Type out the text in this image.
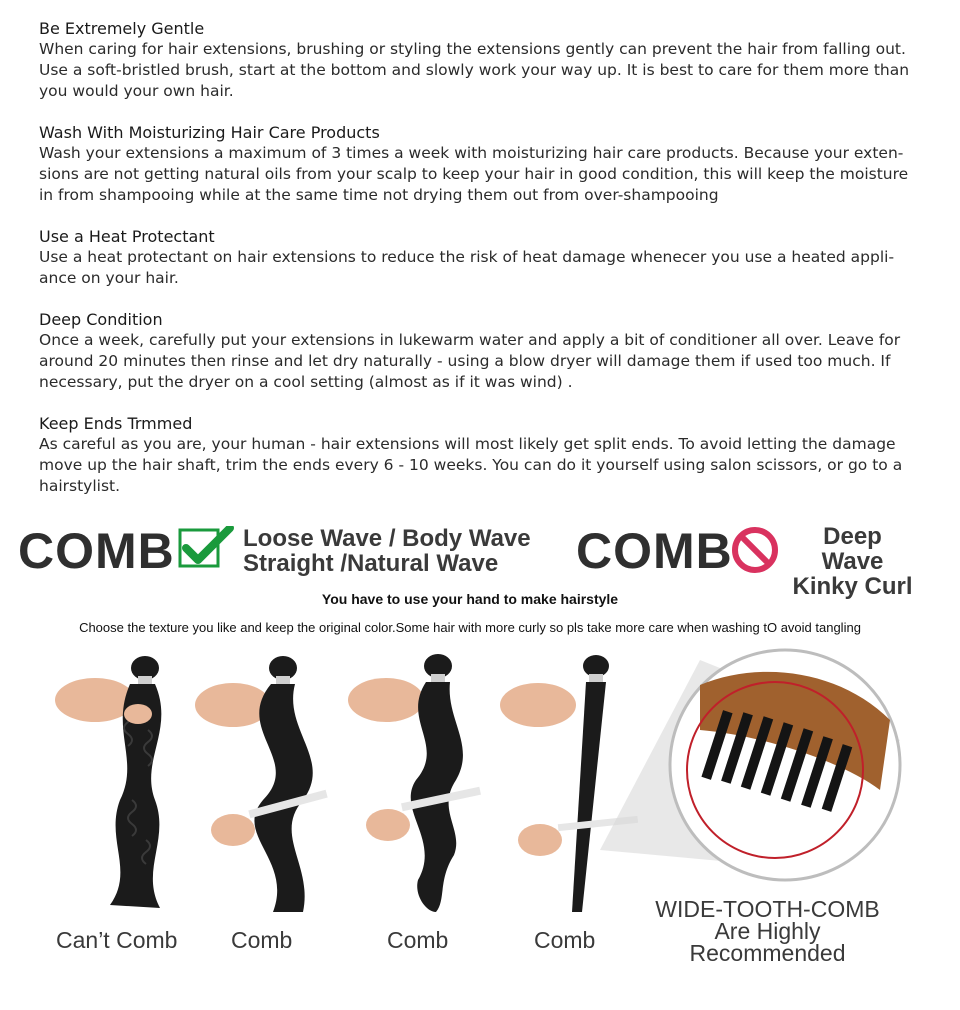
Be Extremely Gentle

When caring for hair extensions, brushing or styling the extensions gently can prevent the hair from falling out.

Use a soft-bristled brush, start at the bottom and slowly work your way up. It is best to care for them more than

you would your own hair.

Wash With Moisturizing Hair Care Products

Wash your extensions a maximum of 3 times a week with moisturizing hair care products. Because your exten-

sions are not getting natural oils from your scalp to keep your hair in good condition, this will keep the moisture

in from shampooing while at the same time not drying them out from over-shampooing

Use a Heat Protectant

Use a heat protectant on hair extensions to reduce the risk of heat damage whenecer you use a heated appli-

ance on your hair.

Deep Condition

Once a week, carefully put your extensions in lukewarm water and apply a bit of conditioner all over. Leave for

around 20 minutes then rinse and let dry naturally - using a blow dryer will damage them if used too much. If

necessary, put the dryer on a cool setting (almost as if it was wind) .

Keep Ends Trmmed

As careful as you are, your human - hair extensions will most likely get split ends. To avoid letting the damage

move up the hair shaft, trim the ends every 6 - 10 weeks. You can do it yourself using salon scissors, or go to a

hairstylist.

COMB	Loose Wave / Body Wave
Straight /Natural Wave	COMB	Deep Wave
Kinky Curl
You have to use your hand to make hairstyle
Choose the texture you like and keep the original color.Some hair with more curly so pls take more care when washing tO avoid tangling
Can’t Comb Comb	Comb	Comb
WIDE-TOOTH-COMB
Are Highly
Recommended
